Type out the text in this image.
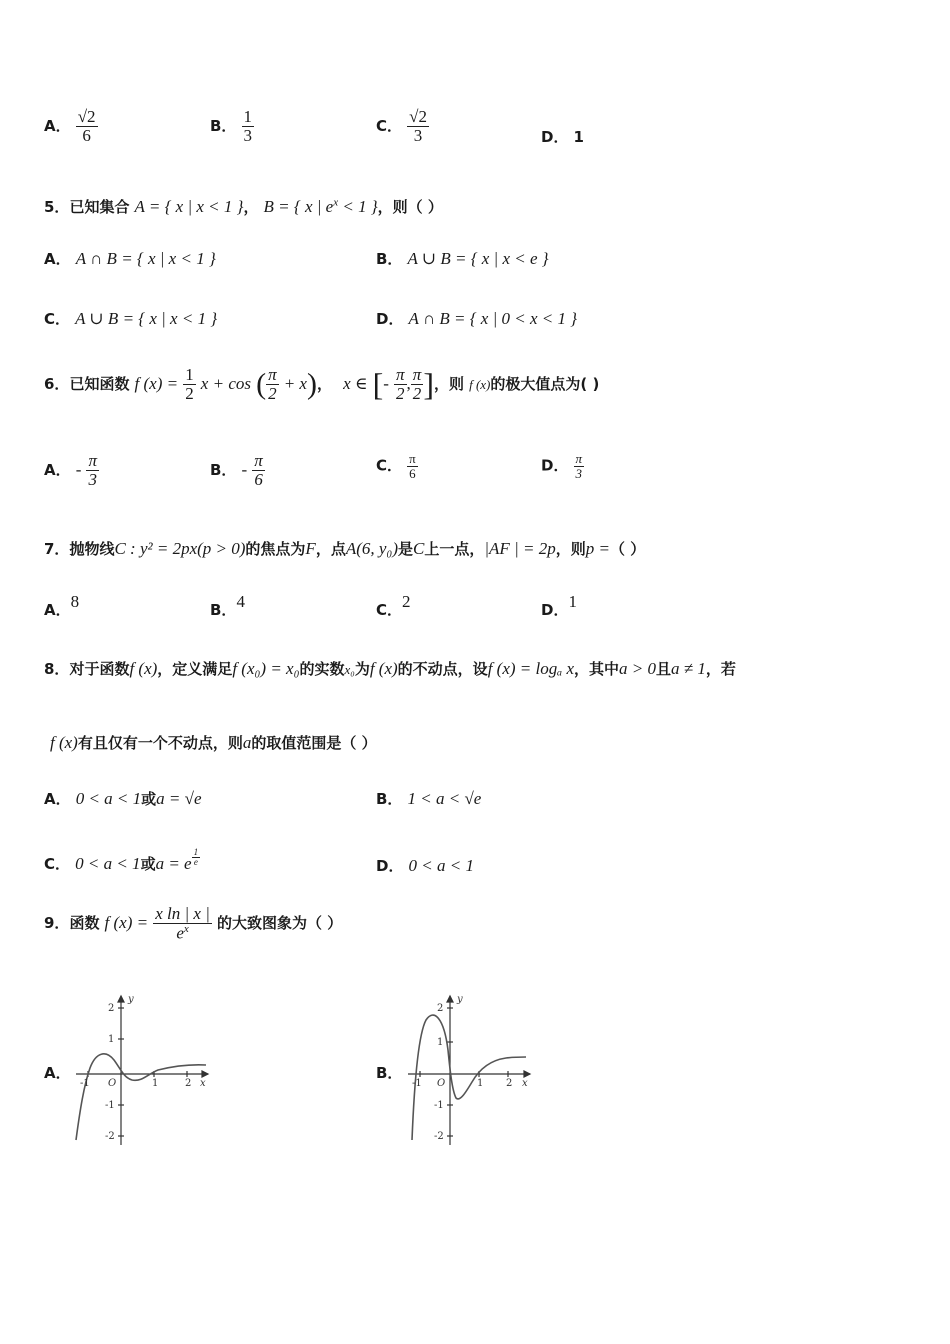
A． $\frac{√2}{6}$	B． $\frac{1}{3}$	C． $\frac{√2}{3}$	D． 1
5．已知集合 A = { x | x < 1 }， B = { x | $e^x < 1$ }，则（ ）
A． A ∩ B = { x | x < 1 }	B． A ∪ B = { x | x < e }
C． A ∪ B = { x | x < 1 }	D． A ∩ B = { x | 0 < x < 1 }
6．已知函数 f $(x) = \frac{1}{2}$ x + cos ( $\frac{\pi}{2} + x$)， x ∈ [- $\frac{\pi}{2}$ , $\frac{\pi}{2}$ ]，则 f (x)的极大值点为( )
A． - $\frac{\pi}{3}$	B． - $\frac{\pi}{6}$	C． $\frac{\pi}{6}$	D． $\frac{\pi}{3}$
7．抛物线C : y² = 2px(p > 0)的焦点为F，点A(6, y₀)是C上一点，|AF | = 2p，则p =（ ）
A．8	B．4	C．2	D．1
8．对于函数f (x)，定义满足f (x₀) = x₀的实数x₀为f (x)的不动点，设f (x) = logₐ x，其中a > 0且a ≠ 1，若
f (x)有且仅有一个不动点，则a的取值范围是（ ）
A． 0 < a < 1或a = √e	B． 1 < a < √e
C． 0 < a < 1或a = e $\frac{1}{e}$	D． 0 < a < 1
9．函数 f $(x) = \frac{\text{x ln | x |}}{e^x}$ 的大致图象为（ ）
A．
2
1
-1
-2
-1 O	1	2 x
y
B．
2
1
-1
-2
-1 O	1 2 x
y
